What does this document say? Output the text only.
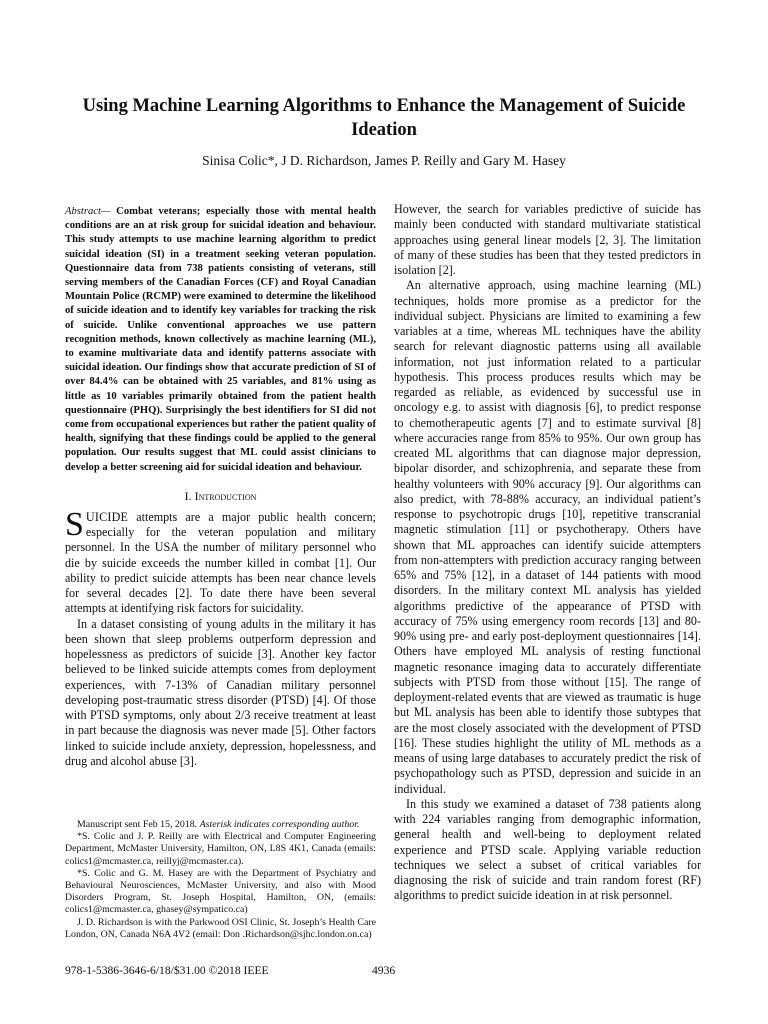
Using Machine Learning Algorithms to Enhance the Management of Suicide Ideation
Sinisa Colic*, J D. Richardson, James P. Reilly and Gary M. Hasey

Abstract— Combat veterans; especially those with mental health conditions are an at risk group for suicidal ideation and behaviour. This study attempts to use machine learning algorithm to predict suicidal ideation (SI) in a treatment seeking veteran population. Questionnaire data from 738 patients consisting of veterans, still serving members of the Canadian Forces (CF) and Royal Canadian Mountain Police (RCMP) were examined to determine the likelihood of suicide ideation and to identify key variables for tracking the risk of suicide. Unlike conventional approaches we use pattern recognition methods, known collectively as machine learning (ML), to examine multivariate data and identify patterns associate with suicidal ideation. Our findings show that accurate prediction of SI of over 84.4% can be obtained with 25 variables, and 81% using as little as 10 variables primarily obtained from the patient health questionnaire (PHQ). Surprisingly the best identifiers for SI did not come from occupational experiences but rather the patient quality of health, signifying that these findings could be applied to the general population. Our results suggest that ML could assist clinicians to develop a better screening aid for suicidal ideation and behaviour.

I. Introduction

SUICIDE attempts are a major public health concern; especially for the veteran population and military personnel. In the USA the number of military personnel who die by suicide exceeds the number killed in combat [1]. Our ability to predict suicide attempts has been near chance levels for several decades [2]. To date there have been several attempts at identifying risk factors for suicidality.

In a dataset consisting of young adults in the military it has been shown that sleep problems outperform depression and hopelessness as predictors of suicide [3]. Another key factor believed to be linked suicide attempts comes from deployment experiences, with 7-13% of Canadian military personnel developing post-traumatic stress disorder (PTSD) [4]. Of those with PTSD symptoms, only about 2/3 receive treatment at least in part because the diagnosis was never made [5]. Other factors linked to suicide include anxiety, depression, hopelessness, and drug and alcohol abuse [3].

Manuscript sent Feb 15, 2018. Asterisk indicates corresponding author.

*S. Colic and J. P. Reilly are with Electrical and Computer Engineering Department, McMaster University, Hamilton, ON, L8S 4K1, Canada (emails: colics1@mcmaster.ca, reillyj@mcmaster.ca).

*S. Colic and G. M. Hasey are with the Department of Psychiatry and Behavioural Neurosciences, McMaster University, and also with Mood Disorders Program, St. Joseph Hospital, Hamilton, ON, (emails: colics1@mcmaster.ca, ghasey@sympatico.ca)

J. D. Richardson is with the Parkwood OSI Clinic, St. Joseph’s Health Care London, ON, Canada N6A 4V2 (email: Don .Richardson@sjhc.london.on.ca)

However, the search for variables predictive of suicide has mainly been conducted with standard multivariate statistical approaches using general linear models [2, 3]. The limitation of many of these studies has been that they tested predictors in isolation [2].

An alternative approach, using machine learning (ML) techniques, holds more promise as a predictor for the individual subject. Physicians are limited to examining a few variables at a time, whereas ML techniques have the ability search for relevant diagnostic patterns using all available information, not just information related to a particular hypothesis. This process produces results which may be regarded as reliable, as evidenced by successful use in oncology e.g. to assist with diagnosis [6], to predict response to chemotherapeutic agents [7] and to estimate survival [8] where accuracies range from 85% to 95%. Our own group has created ML algorithms that can diagnose major depression, bipolar disorder, and schizophrenia, and separate these from healthy volunteers with 90% accuracy [9]. Our algorithms can also predict, with 78-88% accuracy, an individual patient’s response to psychotropic drugs [10], repetitive transcranial magnetic stimulation [11] or psychotherapy. Others have shown that ML approaches can identify suicide attempters from non-attempters with prediction accuracy ranging between 65% and 75% [12], in a dataset of 144 patients with mood disorders. In the military context ML analysis has yielded algorithms predictive of the appearance of PTSD with accuracy of 75% using emergency room records [13] and 80-90% using pre- and early post-deployment questionnaires [14]. Others have employed ML analysis of resting functional magnetic resonance imaging data to accurately differentiate subjects with PTSD from those without [15]. The range of deployment-related events that are viewed as traumatic is huge but ML analysis has been able to identify those subtypes that are the most closely associated with the development of PTSD [16]. These studies highlight the utility of ML methods as a means of using large databases to accurately predict the risk of psychopathology such as PTSD, depression and suicide in an individual.

In this study we examined a dataset of 738 patients along with 224 variables ranging from demographic information, general health and well-being to deployment related experience and PTSD scale. Applying variable reduction techniques we select a subset of critical variables for diagnosing the risk of suicide and train random forest (RF) algorithms to predict suicide ideation in at risk personnel.

978-1-5386-3646-6/18/$31.00 ©2018 IEEE	4936
